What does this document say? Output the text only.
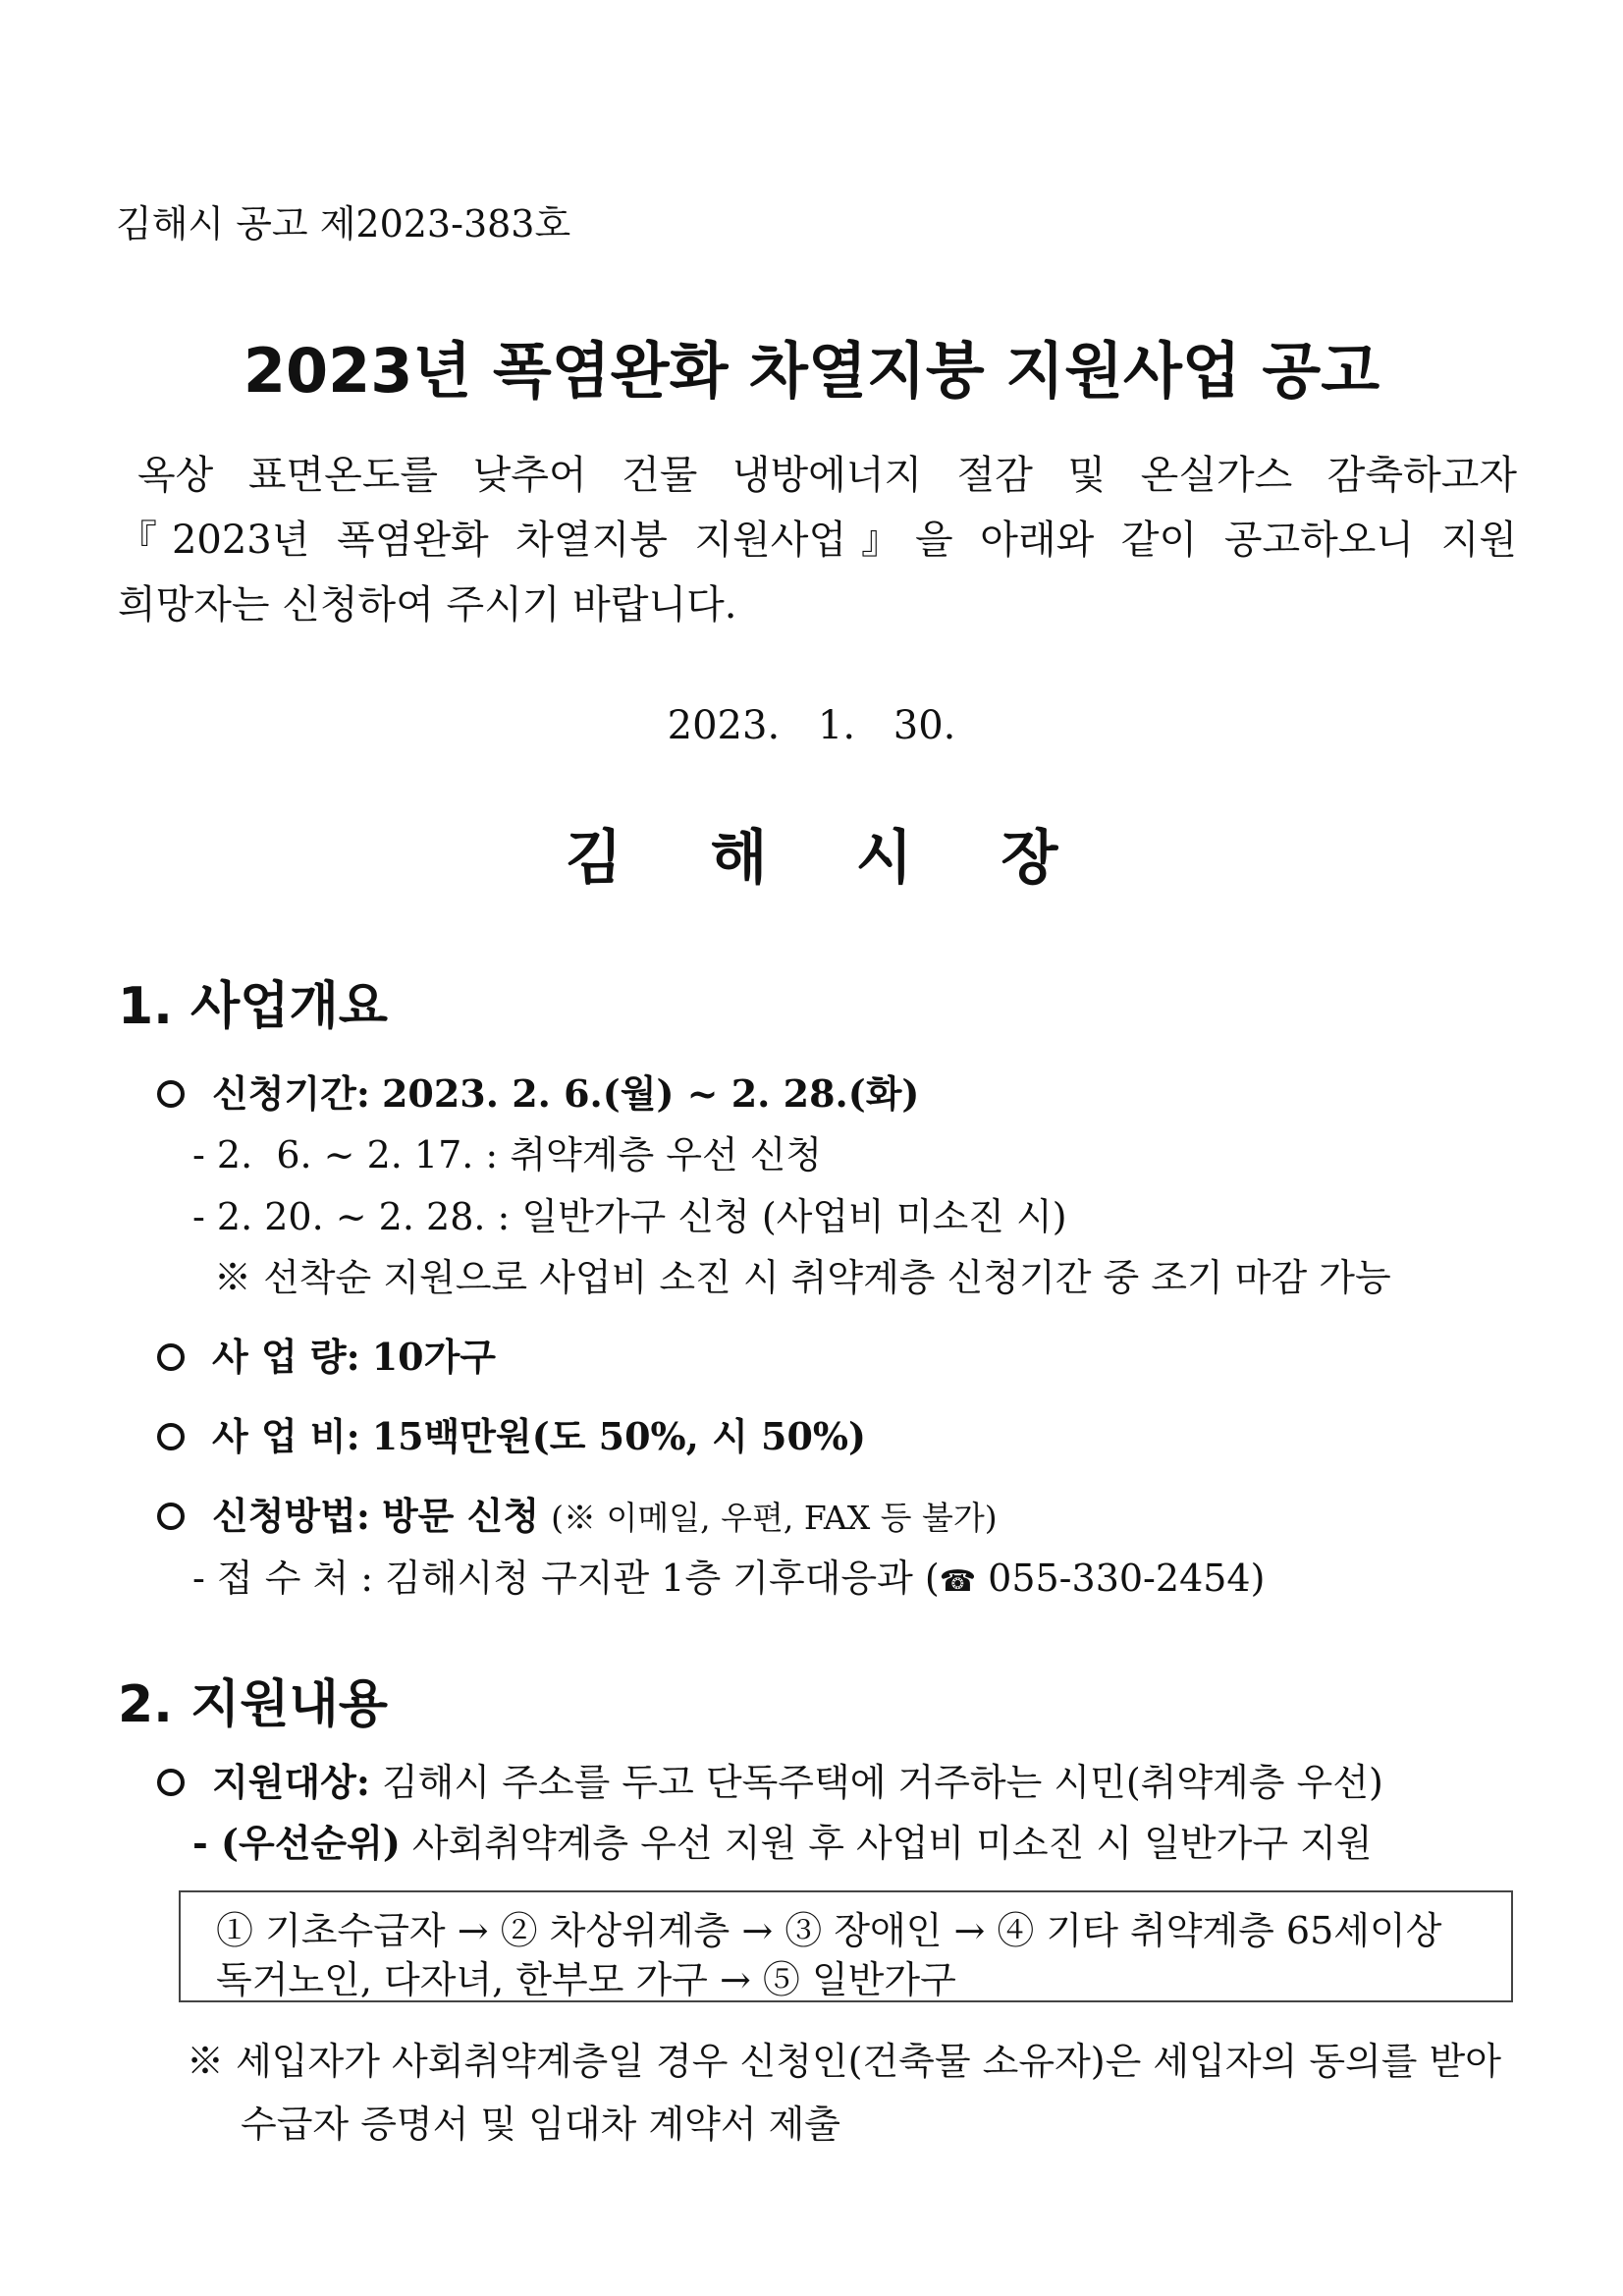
김해시 공고 제2023-383호
2023년 폭염완화 차열지붕 지원사업 공고
옥상 표면온도를 낮추어 건물 냉방에너지 절감 및 온실가스 감축하고자
『2023년 폭염완화 차열지붕 지원사업』을 아래와 같이 공고하오니 지원
희망자는 신청하여 주시기 바랍니다.
2023. 1. 30.
김해시장
1. 사업개요
신청기간: 2023. 2. 6.(월) ~ 2. 28.(화)
- 2.  6. ~ 2. 17. : 취약계층 우선 신청
- 2. 20. ~ 2. 28. : 일반가구 신청 (사업비 미소진 시)
※ 선착순 지원으로 사업비 소진 시 취약계층 신청기간 중 조기 마감 가능
사 업 량: 10가구
사 업 비: 15백만원(도 50%, 시 50%)
신청방법: 방문 신청 (※ 이메일, 우편, FAX 등 불가)
- 접 수 처 : 김해시청 구지관 1층 기후대응과 (☎ 055-330-2454)
2. 지원내용
지원대상: 김해시 주소를 두고 단독주택에 거주하는 시민(취약계층 우선)
- (우선순위) 사회취약계층 우선 지원 후 사업비 미소진 시 일반가구 지원
① 기초수급자 → ② 차상위계층 → ③ 장애인 → ④ 기타 취약계층 65세이상
독거노인, 다자녀, 한부모 가구 → ⑤ 일반가구
※ 세입자가 사회취약계층일 경우 신청인(건축물 소유자)은 세입자의 동의를 받아
수급자 증명서 및 임대차 계약서 제출
